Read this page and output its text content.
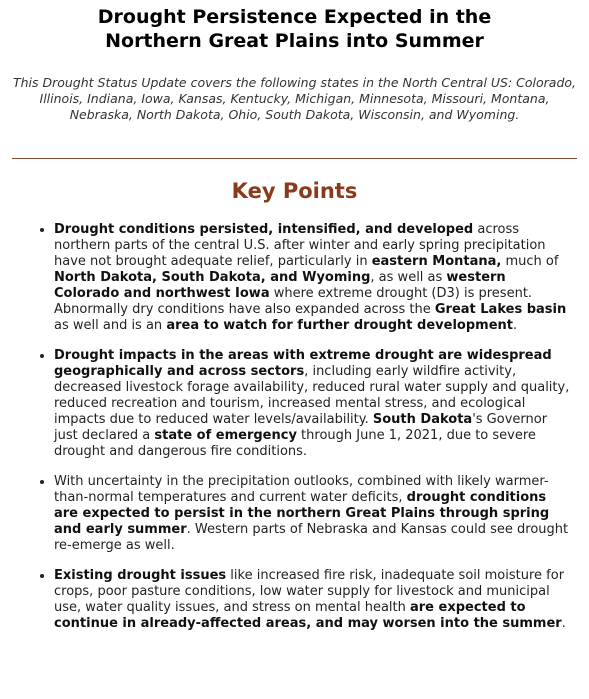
Drought Persistence Expected in the
Northern Great Plains into Summer

This Drought Status Update covers the following states in the North Central US: Colorado, Illinois, Indiana, Iowa, Kansas, Kentucky, Michigan, Minnesota, Missouri, Montana, Nebraska, North Dakota, Ohio, South Dakota, Wisconsin, and Wyoming.

Key Points
• Drought conditions persisted, intensified, and developed across northern parts of the central U.S. after winter and early spring precipitation have not brought adequate relief, particularly in eastern Montana, much of North Dakota, South Dakota, and Wyoming, as well as western Colorado and northwest Iowa where extreme drought (D3) is present. Abnormally dry conditions have also expanded across the Great Lakes basin as well and is an area to watch for further drought development.
• Drought impacts in the areas with extreme drought are widespread geographically and across sectors, including early wildfire activity, decreased livestock forage availability, reduced rural water supply and quality, reduced recreation and tourism, increased mental stress, and ecological impacts due to reduced water levels/availability. South Dakota's Governor just declared a state of emergency through June 1, 2021, due to severe drought and dangerous fire conditions.
• With uncertainty in the precipitation outlooks, combined with likely warmer-than-normal temperatures and current water deficits, drought conditions are expected to persist in the northern Great Plains through spring and early summer. Western parts of Nebraska and Kansas could see drought re-emerge as well.
• Existing drought issues like increased fire risk, inadequate soil moisture for crops, poor pasture conditions, low water supply for livestock and municipal use, water quality issues, and stress on mental health are expected to continue in already-affected areas, and may worsen into the summer.
